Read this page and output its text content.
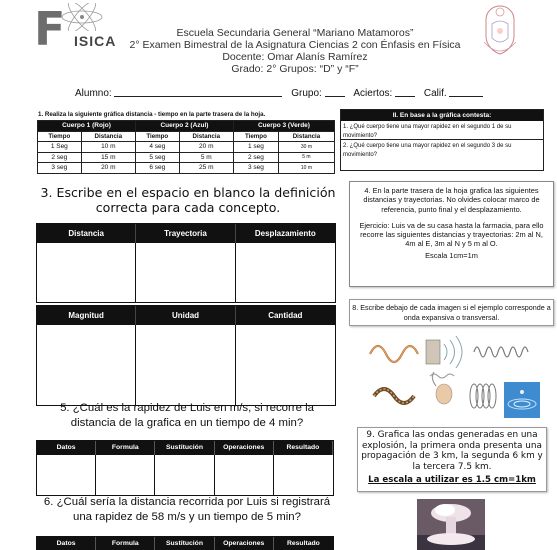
F ISICA	Escuela Secundaria General “Mariano Matamoros”
2° Examen Bimestral de la Asignatura Ciencias 2 con Énfasis en Física
Docente: Omar Alanís Ramírez
Grado: 2° Grupos: “D” y “F”
Alumno:	Grupo:	Aciertos:	Calif.
1. Realiza la siguiente gráfica distancia - tiempo en la parte trasera de la hoja.
Cuerpo 1 (Rojo)		Cuerpo 2 (Azul)		Cuerpo 3 (Verde)	
Tiempo	Distancia	Tiempo	Distancia	Tiempo	Distancia
1 Seg	10 m	4 seg	20 m	1 seg	30 m
2 seg	15 m	5 seg	5 m	2 seg	5 m
3 seg	20 m	6 seg	25 m	3 seg	10 m
II. En base a la gráfica contesta:
1. ¿Qué cuerpo tiene una mayor rapidez en el segundo 1 de su movimiento?
2. ¿Qué cuerpo tiene una mayor rapidez en el segundo 3 de su movimiento?
3. Escribe en el espacio en blanco la definición correcta para cada concepto.
Distancia	Trayectoria	Desplazamiento
Magnitud	Unidad	Cantidad

4. En la parte trasera de la hoja grafica las siguientes distancias y trayectorias. No olvides colocar marco de referencia, punto final y el desplazamiento.

Ejercicio: Luis va de su casa hasta la farmacia, para ello recorre las siguientes distancias y trayectorias: 2m al N, 4m al E, 3m al N y 5 m al O.

Escala 1cm=1m

8. Escribe debajo de cada imagen si el ejemplo corresponde a onda expansiva o transversal.
5. ¿Cuál es la rapidez de Luis en m/s, si recorre la distancia de la grafica en un tiempo de 4 min?
Datos	Formula	Sustitución	Operaciones	Resultado
6. ¿Cuál sería la distancia recorrida por Luis si registrará una rapidez de 58 m/s y un tiempo de 5 min?
Datos	Formula	Sustitución	Operaciones	Resultado
9. Grafica las ondas generadas en una explosión, la primera onda presenta una propagación de 3 km, la segunda 6 km y la tercera 7.5 km.
La escala a utilizar es 1.5 cm=1km
